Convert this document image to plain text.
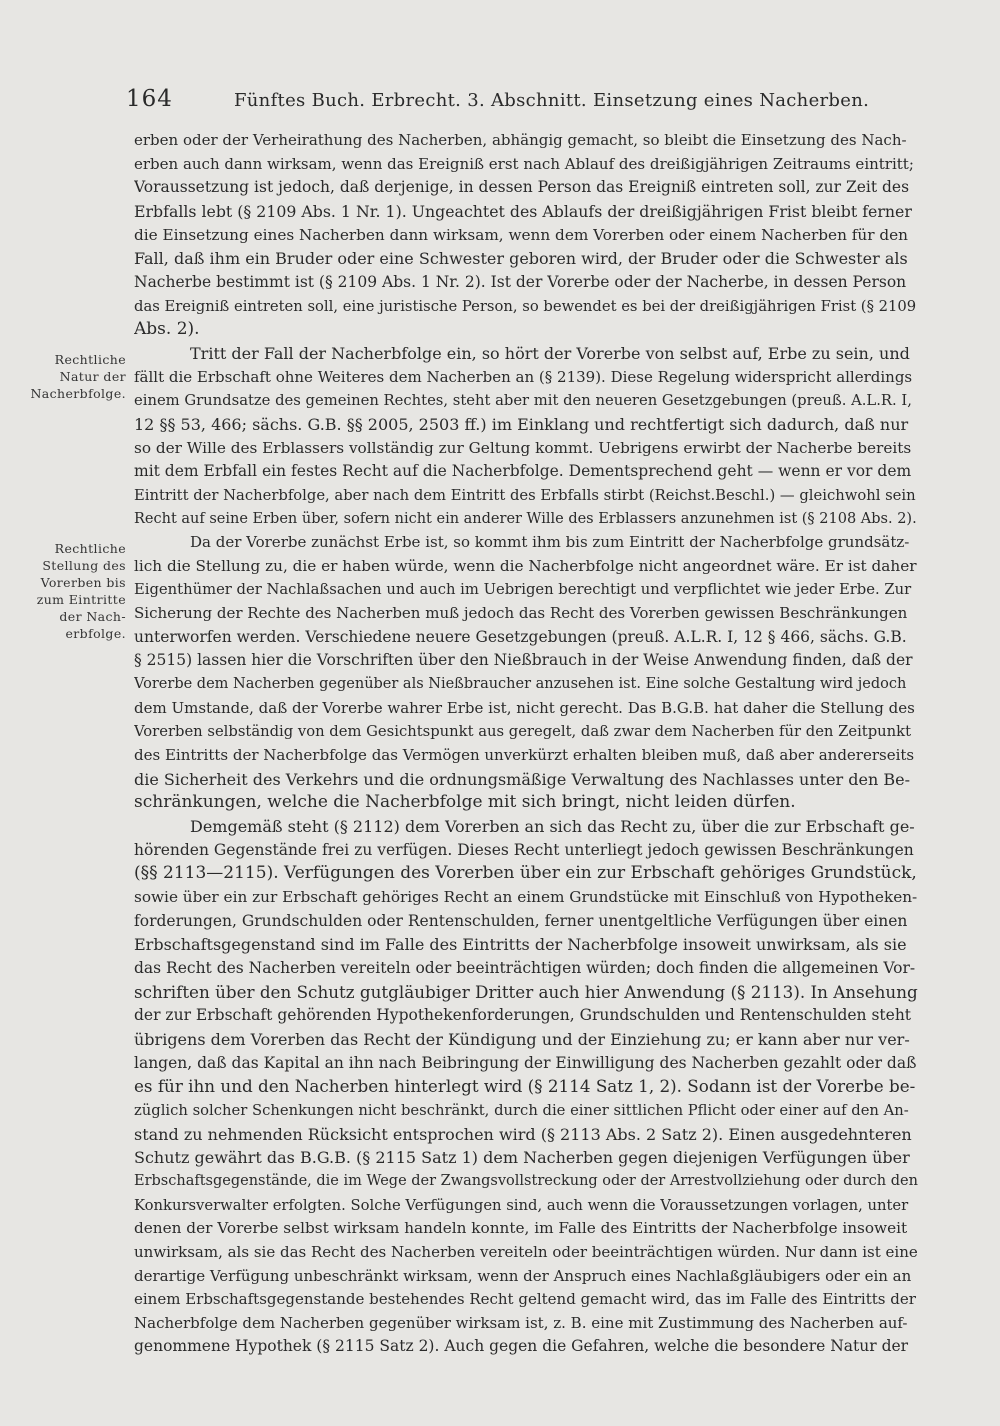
164	Fünftes Buch. Erbrecht. 3. Abschnitt. Einsetzung eines Nacherben.
Rechtliche
Natur der
Nacherbfolge.
Rechtliche
Stellung des
Vorerben bis
zum Eintritte
der Nach-
erbfolge.
erben oder der Verheirathung des Nacherben, abhängig gemacht, so bleibt die Einsetzung des Nach-
erben auch dann wirksam, wenn das Ereigniß erst nach Ablauf des dreißigjährigen Zeitraums eintritt;
Voraussetzung ist jedoch, daß derjenige, in dessen Person das Ereigniß eintreten soll, zur Zeit des
Erbfalls lebt (§ 2109 Abs. 1 Nr. 1). Ungeachtet des Ablaufs der dreißigjährigen Frist bleibt ferner
die Einsetzung eines Nacherben dann wirksam, wenn dem Vorerben oder einem Nacherben für den
Fall, daß ihm ein Bruder oder eine Schwester geboren wird, der Bruder oder die Schwester als
Nacherbe bestimmt ist (§ 2109 Abs. 1 Nr. 2). Ist der Vorerbe oder der Nacherbe, in dessen Person
das Ereigniß eintreten soll, eine juristische Person, so bewendet es bei der dreißigjährigen Frist (§ 2109
Abs. 2).
Tritt der Fall der Nacherbfolge ein, so hört der Vorerbe von selbst auf, Erbe zu sein, und
fällt die Erbschaft ohne Weiteres dem Nacherben an (§ 2139). Diese Regelung widerspricht allerdings
einem Grundsatze des gemeinen Rechtes, steht aber mit den neueren Gesetzgebungen (preuß. A.L.R. I,
12 §§ 53, 466; sächs. G.B. §§ 2005, 2503 ff.) im Einklang und rechtfertigt sich dadurch, daß nur
so der Wille des Erblassers vollständig zur Geltung kommt. Uebrigens erwirbt der Nacherbe bereits
mit dem Erbfall ein festes Recht auf die Nacherbfolge. Dementsprechend geht — wenn er vor dem
Eintritt der Nacherbfolge, aber nach dem Eintritt des Erbfalls stirbt (Reichst.Beschl.) — gleichwohl sein
Recht auf seine Erben über, sofern nicht ein anderer Wille des Erblassers anzunehmen ist (§ 2108 Abs. 2).
Da der Vorerbe zunächst Erbe ist, so kommt ihm bis zum Eintritt der Nacherbfolge grundsätz-
lich die Stellung zu, die er haben würde, wenn die Nacherbfolge nicht angeordnet wäre. Er ist daher
Eigenthümer der Nachlaßsachen und auch im Uebrigen berechtigt und verpflichtet wie jeder Erbe. Zur
Sicherung der Rechte des Nacherben muß jedoch das Recht des Vorerben gewissen Beschränkungen
unterworfen werden. Verschiedene neuere Gesetzgebungen (preuß. A.L.R. I, 12 § 466, sächs. G.B.
§ 2515) lassen hier die Vorschriften über den Nießbrauch in der Weise Anwendung finden, daß der
Vorerbe dem Nacherben gegenüber als Nießbraucher anzusehen ist. Eine solche Gestaltung wird jedoch
dem Umstande, daß der Vorerbe wahrer Erbe ist, nicht gerecht. Das B.G.B. hat daher die Stellung des
Vorerben selbständig von dem Gesichtspunkt aus geregelt, daß zwar dem Nacherben für den Zeitpunkt
des Eintritts der Nacherbfolge das Vermögen unverkürzt erhalten bleiben muß, daß aber andererseits
die Sicherheit des Verkehrs und die ordnungsmäßige Verwaltung des Nachlasses unter den Be-
schränkungen, welche die Nacherbfolge mit sich bringt, nicht leiden dürfen.
Demgemäß steht (§ 2112) dem Vorerben an sich das Recht zu, über die zur Erbschaft ge-
hörenden Gegenstände frei zu verfügen. Dieses Recht unterliegt jedoch gewissen Beschränkungen
(§§ 2113—2115). Verfügungen des Vorerben über ein zur Erbschaft gehöriges Grundstück,
sowie über ein zur Erbschaft gehöriges Recht an einem Grundstücke mit Einschluß von Hypotheken-
forderungen, Grundschulden oder Rentenschulden, ferner unentgeltliche Verfügungen über einen
Erbschaftsgegenstand sind im Falle des Eintritts der Nacherbfolge insoweit unwirksam, als sie
das Recht des Nacherben vereiteln oder beeinträchtigen würden; doch finden die allgemeinen Vor-
schriften über den Schutz gutgläubiger Dritter auch hier Anwendung (§ 2113). In Ansehung
der zur Erbschaft gehörenden Hypothekenforderungen, Grundschulden und Rentenschulden steht
übrigens dem Vorerben das Recht der Kündigung und der Einziehung zu; er kann aber nur ver-
langen, daß das Kapital an ihn nach Beibringung der Einwilligung des Nacherben gezahlt oder daß
es für ihn und den Nacherben hinterlegt wird (§ 2114 Satz 1, 2). Sodann ist der Vorerbe be-
züglich solcher Schenkungen nicht beschränkt, durch die einer sittlichen Pflicht oder einer auf den An-
stand zu nehmenden Rücksicht entsprochen wird (§ 2113 Abs. 2 Satz 2). Einen ausgedehnteren
Schutz gewährt das B.G.B. (§ 2115 Satz 1) dem Nacherben gegen diejenigen Verfügungen über
Erbschaftsgegenstände, die im Wege der Zwangsvollstreckung oder der Arrestvollziehung oder durch den
Konkursverwalter erfolgten. Solche Verfügungen sind, auch wenn die Voraussetzungen vorlagen, unter
denen der Vorerbe selbst wirksam handeln konnte, im Falle des Eintritts der Nacherbfolge insoweit
unwirksam, als sie das Recht des Nacherben vereiteln oder beeinträchtigen würden. Nur dann ist eine
derartige Verfügung unbeschränkt wirksam, wenn der Anspruch eines Nachlaßgläubigers oder ein an
einem Erbschaftsgegenstande bestehendes Recht geltend gemacht wird, das im Falle des Eintritts der
Nacherbfolge dem Nacherben gegenüber wirksam ist, z. B. eine mit Zustimmung des Nacherben auf-
genommene Hypothek (§ 2115 Satz 2). Auch gegen die Gefahren, welche die besondere Natur der
